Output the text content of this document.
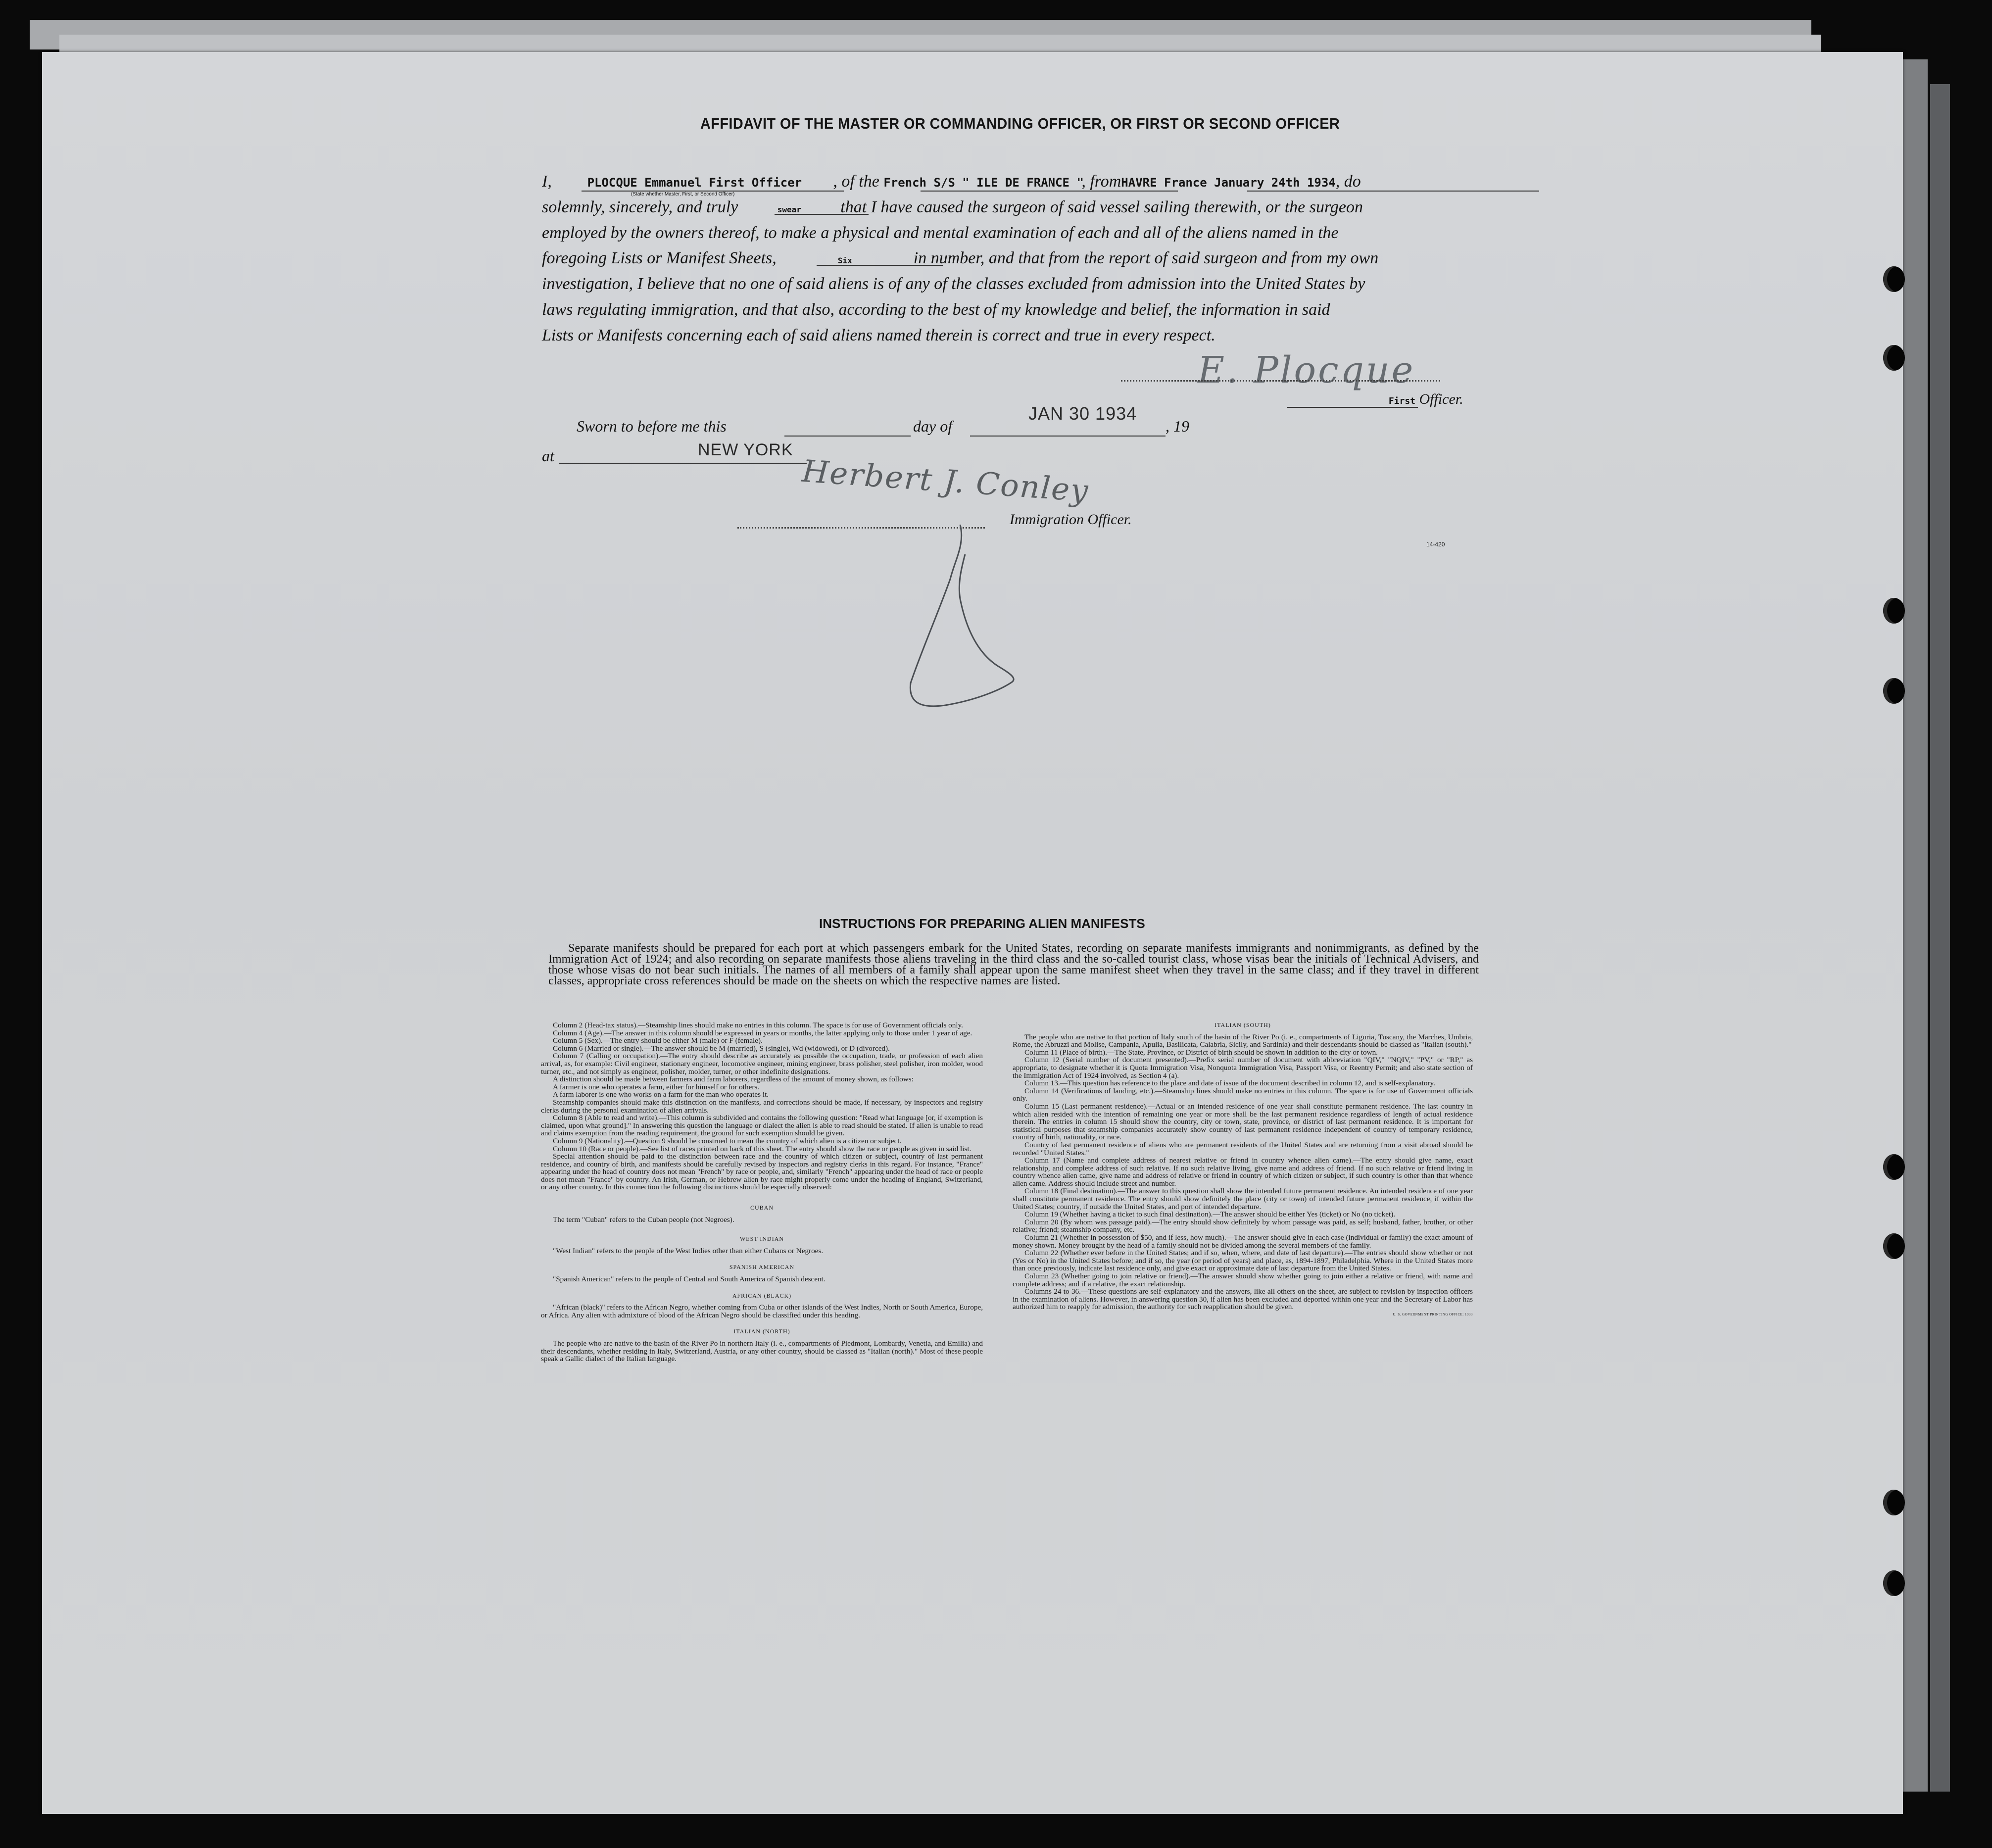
AFFIDAVIT OF THE MASTER OR COMMANDING OFFICER, OR FIRST OR SECOND OFFICER
I,	PLOCQUE Emmanuel First Officer , of the French S/S " ILE DE FRANCE ", fromHAVRE France January 24th 1934, do
(State whether Master, First, or Second Officer)
solemnly, sincerely, and truly	swear that I have caused the surgeon of said vessel sailing therewith, or the surgeon
employed by the owners thereof, to make a physical and mental examination of each and all of the aliens named in the
foregoing Lists or Manifest Sheets,	Six	in number, and that from the report of said surgeon and from my own
investigation, I believe that no one of said aliens is of any of the classes excluded from admission into the United States by
laws regulating immigration, and that also, according to the best of my knowledge and belief, the information in said
Lists or Manifests concerning each of said aliens named therein is correct and true in every respect.
E. Plocque
First Officer.
Sworn to before me this	day of
JAN 30 1934
, 19
at	NEW YORK
Herbert J. Conley
Immigration Officer.
14-420
INSTRUCTIONS FOR PREPARING ALIEN MANIFESTS
Separate manifests should be prepared for each port at which passengers embark for the United States, recording on separate manifests immigrants and nonimmigrants, as defined by the Immigration Act of 1924; and also recording on separate manifests those aliens traveling in the third class and the so-called tourist class, whose visas bear the initials of Technical Advisers, and those whose visas do not bear such initials. The names of all members of a family shall appear upon the same manifest sheet when they travel in the same class; and if they travel in different classes, appropriate cross references should be made on the sheets on which the respective names are listed.

Column 2 (Head-tax status).—Steamship lines should make no entries in this column. The space is for use of Government officials only.

Column 4 (Age).—The answer in this column should be expressed in years or months, the latter applying only to those under 1 year of age.

Column 5 (Sex).—The entry should be either M (male) or F (female).

Column 6 (Married or single).—The answer should be M (married), S (single), Wd (widowed), or D (divorced).

Column 7 (Calling or occupation).—The entry should describe as accurately as possible the occupation, trade, or profession of each alien arrival, as, for example: Civil engineer, stationary engineer, locomotive engineer, mining engineer, brass polisher, steel polisher, iron molder, wood turner, etc., and not simply as engineer, polisher, molder, turner, or other indefinite designations.

A distinction should be made between farmers and farm laborers, regardless of the amount of money shown, as follows:

A farmer is one who operates a farm, either for himself or for others.

A farm laborer is one who works on a farm for the man who operates it.

Steamship companies should make this distinction on the manifests, and corrections should be made, if necessary, by inspectors and registry clerks during the personal examination of alien arrivals.

Column 8 (Able to read and write).—This column is subdivided and contains the following question: "Read what language [or, if exemption is claimed, upon what ground]." In answering this question the language or dialect the alien is able to read should be stated. If alien is unable to read and claims exemption from the reading requirement, the ground for such exemption should be given.

Column 9 (Nationality).—Question 9 should be construed to mean the country of which alien is a citizen or subject.

Column 10 (Race or people).—See list of races printed on back of this sheet. The entry should show the race or people as given in said list.

Special attention should be paid to the distinction between race and the country of which citizen or subject, country of last permanent residence, and country of birth, and manifests should be carefully revised by inspectors and registry clerks in this regard. For instance, "France" appearing under the head of country does not mean "French" by race or people, and, similarly "French" appearing under the head of race or people does not mean "France" by country. An Irish, German, or Hebrew alien by race might properly come under the heading of England, Switzerland, or any other country. In this connection the following distinctions should be especially observed:

CUBAN

The term "Cuban" refers to the Cuban people (not Negroes).

WEST INDIAN

"West Indian" refers to the people of the West Indies other than either Cubans or Negroes.

SPANISH AMERICAN

"Spanish American" refers to the people of Central and South America of Spanish descent.

AFRICAN (BLACK)

"African (black)" refers to the African Negro, whether coming from Cuba or other islands of the West Indies, North or South America, Europe, or Africa. Any alien with admixture of blood of the African Negro should be classified under this heading.

ITALIAN (NORTH)

The people who are native to the basin of the River Po in northern Italy (i. e., compartments of Piedmont, Lombardy, Venetia, and Emilia) and their descendants, whether residing in Italy, Switzerland, Austria, or any other country, should be classed as "Italian (north)." Most of these people speak a Gallic dialect of the Italian language.

ITALIAN (SOUTH)

The people who are native to that portion of Italy south of the basin of the River Po (i. e., compartments of Liguria, Tuscany, the Marches, Umbria, Rome, the Abruzzi and Molise, Campania, Apulia, Basilicata, Calabria, Sicily, and Sardinia) and their descendants should be classed as "Italian (south)."

Column 11 (Place of birth).—The State, Province, or District of birth should be shown in addition to the city or town.

Column 12 (Serial number of document presented).—Prefix serial number of document with abbreviation "QIV," "NQIV," "PV," or "RP," as appropriate, to designate whether it is Quota Immigration Visa, Nonquota Immigration Visa, Passport Visa, or Reentry Permit; and also state section of the Immigration Act of 1924 involved, as Section 4 (a).

Column 13.—This question has reference to the place and date of issue of the document described in column 12, and is self-explanatory.

Column 14 (Verifications of landing, etc.).—Steamship lines should make no entries in this column. The space is for use of Government officials only.

Column 15 (Last permanent residence).—Actual or an intended residence of one year shall constitute permanent residence. The last country in which alien resided with the intention of remaining one year or more shall be the last permanent residence regardless of length of actual residence therein. The entries in column 15 should show the country, city or town, state, province, or district of last permanent residence. It is important for statistical purposes that steamship companies accurately show country of last permanent residence independent of country of temporary residence, country of birth, nationality, or race.

Country of last permanent residence of aliens who are permanent residents of the United States and are returning from a visit abroad should be recorded "United States."

Column 17 (Name and complete address of nearest relative or friend in country whence alien came).—The entry should give name, exact relationship, and complete address of such relative. If no such relative living, give name and address of friend. If no such relative or friend living in country whence alien came, give name and address of relative or friend in country of which citizen or subject, if such country is other than that whence alien came. Address should include street and number.

Column 18 (Final destination).—The answer to this question shall show the intended future permanent residence. An intended residence of one year shall constitute permanent residence. The entry should show definitely the place (city or town) of intended future permanent residence, if within the United States; country, if outside the United States, and port of intended departure.

Column 19 (Whether having a ticket to such final destination).—The answer should be either Yes (ticket) or No (no ticket).

Column 20 (By whom was passage paid).—The entry should show definitely by whom passage was paid, as self; husband, father, brother, or other relative; friend; steamship company, etc.

Column 21 (Whether in possession of $50, and if less, how much).—The answer should give in each case (individual or family) the exact amount of money shown. Money brought by the head of a family should not be divided among the several members of the family.

Column 22 (Whether ever before in the United States; and if so, when, where, and date of last departure).—The entries should show whether or not (Yes or No) in the United States before; and if so, the year (or period of years) and place, as, 1894-1897, Philadelphia. Where in the United States more than once previously, indicate last residence only, and give exact or approximate date of last departure from the United States.

Column 23 (Whether going to join relative or friend).—The answer should show whether going to join either a relative or friend, with name and complete address; and if a relative, the exact relationship.

Columns 24 to 36.—These questions are self-explanatory and the answers, like all others on the sheet, are subject to revision by inspection officers in the examination of aliens. However, in answering question 30, if alien has been excluded and deported within one year and the Secretary of Labor has authorized him to reapply for admission, the authority for such reapplication should be given.

U. S. GOVERNMENT PRINTING OFFICE: 1933
